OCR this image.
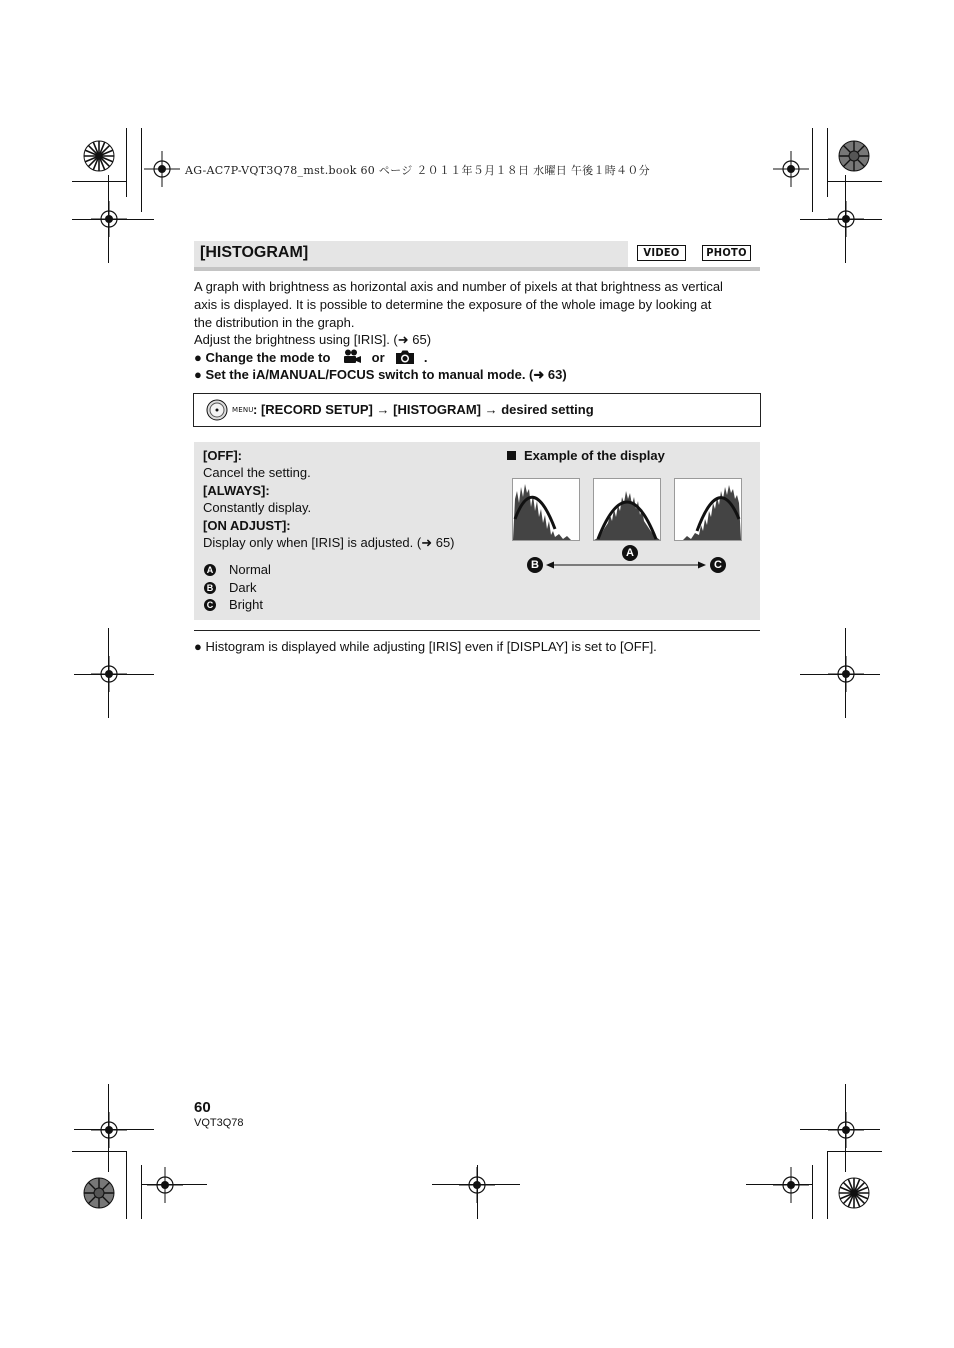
AG-AC7P-VQT3Q78_mst.book 60 ページ ２０１１年５月１８日 水曜日 午後１時４０分
[HISTOGRAM]	VIDEO	PHOTO
A graph with brightness as horizontal axis and number of pixels at that brightness as vertical
axis is displayed. It is possible to determine the exposure of the whole image by looking at
the distribution in the graph.
Adjust the brightness using [IRIS]. (➜ 65)
● Change the mode to	or	.
● Set the iA/MANUAL/FOCUS switch to manual mode. (➜ 63)
MENU : [RECORD SETUP] → [HISTOGRAM] → desired setting
[OFF]:
Cancel the setting.
[ALWAYS]:
Constantly display.
[ON ADJUST]:
Display only when [IRIS] is adjusted. (➜ 65)
A Normal
B Dark
C Bright
Example of the display
A
B	C
● Histogram is displayed while adjusting [IRIS] even if [DISPLAY] is set to [OFF].
60
VQT3Q78
